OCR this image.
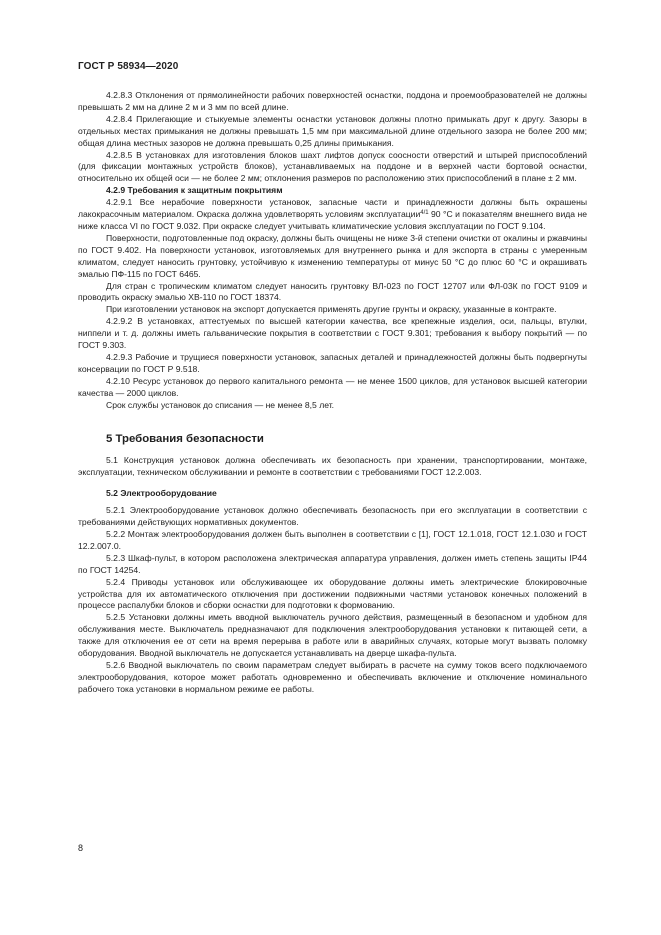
ГОСТ Р 58934—2020

4.2.8.3 Отклонения от прямолинейности рабочих поверхностей оснастки, поддона и проемообразователей не должны превышать 2 мм на длине 2 м и 3 мм по всей длине.

4.2.8.4 Прилегающие и стыкуемые элементы оснастки установок должны плотно примыкать друг к другу. Зазоры в отдельных местах примыкания не должны превышать 1,5 мм при максимальной длине отдельного зазора не более 200 мм; общая длина местных зазоров не должна превышать 0,25 длины примыкания.

4.2.8.5 В установках для изготовления блоков шахт лифтов допуск соосности отверстий и штырей приспособлений (для фиксации монтажных устройств блоков), устанавливаемых на поддоне и в верхней части бортовой оснастки, относительно их общей оси — не более 2 мм; отклонения размеров по расположению этих приспособлений в плане ± 2 мм.

4.2.9 Требования к защитным покрытиям

4.2.9.1 Все нерабочие поверхности установок, запасные части и принадлежности должны быть окрашены лакокрасочным материалом. Окраска должна удовлетворять условиям эксплуатации$^{4/1}$ 90 °С и показателям внешнего вида не ниже класса VI по ГОСТ 9.032. При окраске следует учитывать климатические условия эксплуатации по ГОСТ 9.104.

Поверхности, подготовленные под окраску, должны быть очищены не ниже 3-й степени очистки от окалины и ржавчины по ГОСТ 9.402. На поверхности установок, изготовляемых для внутреннего рынка и для экспорта в страны с умеренным климатом, следует наносить грунтовку, устойчивую к изменению температуры от минус 50 °С до плюс 60 °С и окрашивать эмалью ПФ-115 по ГОСТ 6465.

Для стран с тропическим климатом следует наносить грунтовку ВЛ-023 по ГОСТ 12707 или ФЛ-03К по ГОСТ 9109 и проводить окраску эмалью ХВ-110 по ГОСТ 18374.

При изготовлении установок на экспорт допускается применять другие грунты и окраску, указанные в контракте.

4.2.9.2 В установках, аттестуемых по высшей категории качества, все крепежные изделия, оси, пальцы, втулки, ниппели и т. д. должны иметь гальванические покрытия в соответствии с ГОСТ 9.301; требования к выбору покрытий — по ГОСТ 9.303.

4.2.9.3 Рабочие и трущиеся поверхности установок, запасных деталей и принадлежностей должны быть подвергнуты консервации по ГОСТ Р 9.518.

4.2.10 Ресурс установок до первого капитального ремонта — не менее 1500 циклов, для установок высшей категории качества — 2000 циклов.

Срок службы установок до списания — не менее 8,5 лет.

5 Требования безопасности

5.1 Конструкция установок должна обеспечивать их безопасность при хранении, транспортировании, монтаже, эксплуатации, техническом обслуживании и ремонте в соответствии с требованиями ГОСТ 12.2.003.

5.2 Электрооборудование

5.2.1 Электрооборудование установок должно обеспечивать безопасность при его эксплуатации в соответствии с требованиями действующих нормативных документов.

5.2.2 Монтаж электрооборудования должен быть выполнен в соответствии с [1], ГОСТ 12.1.018, ГОСТ 12.1.030 и ГОСТ 12.2.007.0.

5.2.3 Шкаф-пульт, в котором расположена электрическая аппаратура управления, должен иметь степень защиты IP44 по ГОСТ 14254.

5.2.4 Приводы установок или обслуживающее их оборудование должны иметь электрические блокировочные устройства для их автоматического отключения при достижении подвижными частями установок конечных положений в процессе распалубки блоков и сборки оснастки для подготовки к формованию.

5.2.5 Установки должны иметь вводной выключатель ручного действия, размещенный в безопасном и удобном для обслуживания месте. Выключатель предназначают для подключения электрооборудования установки к питающей сети, а также для отключения ее от сети на время перерыва в работе или в аварийных случаях, которые могут вызвать поломку оборудования. Вводной выключатель не допускается устанавливать на дверце шкафа-пульта.

5.2.6 Вводной выключатель по своим параметрам следует выбирать в расчете на сумму токов всего подключаемого электрооборудования, которое может работать одновременно и обеспечивать включение и отключение номинального рабочего тока установки в нормальном режиме ее работы.

8
